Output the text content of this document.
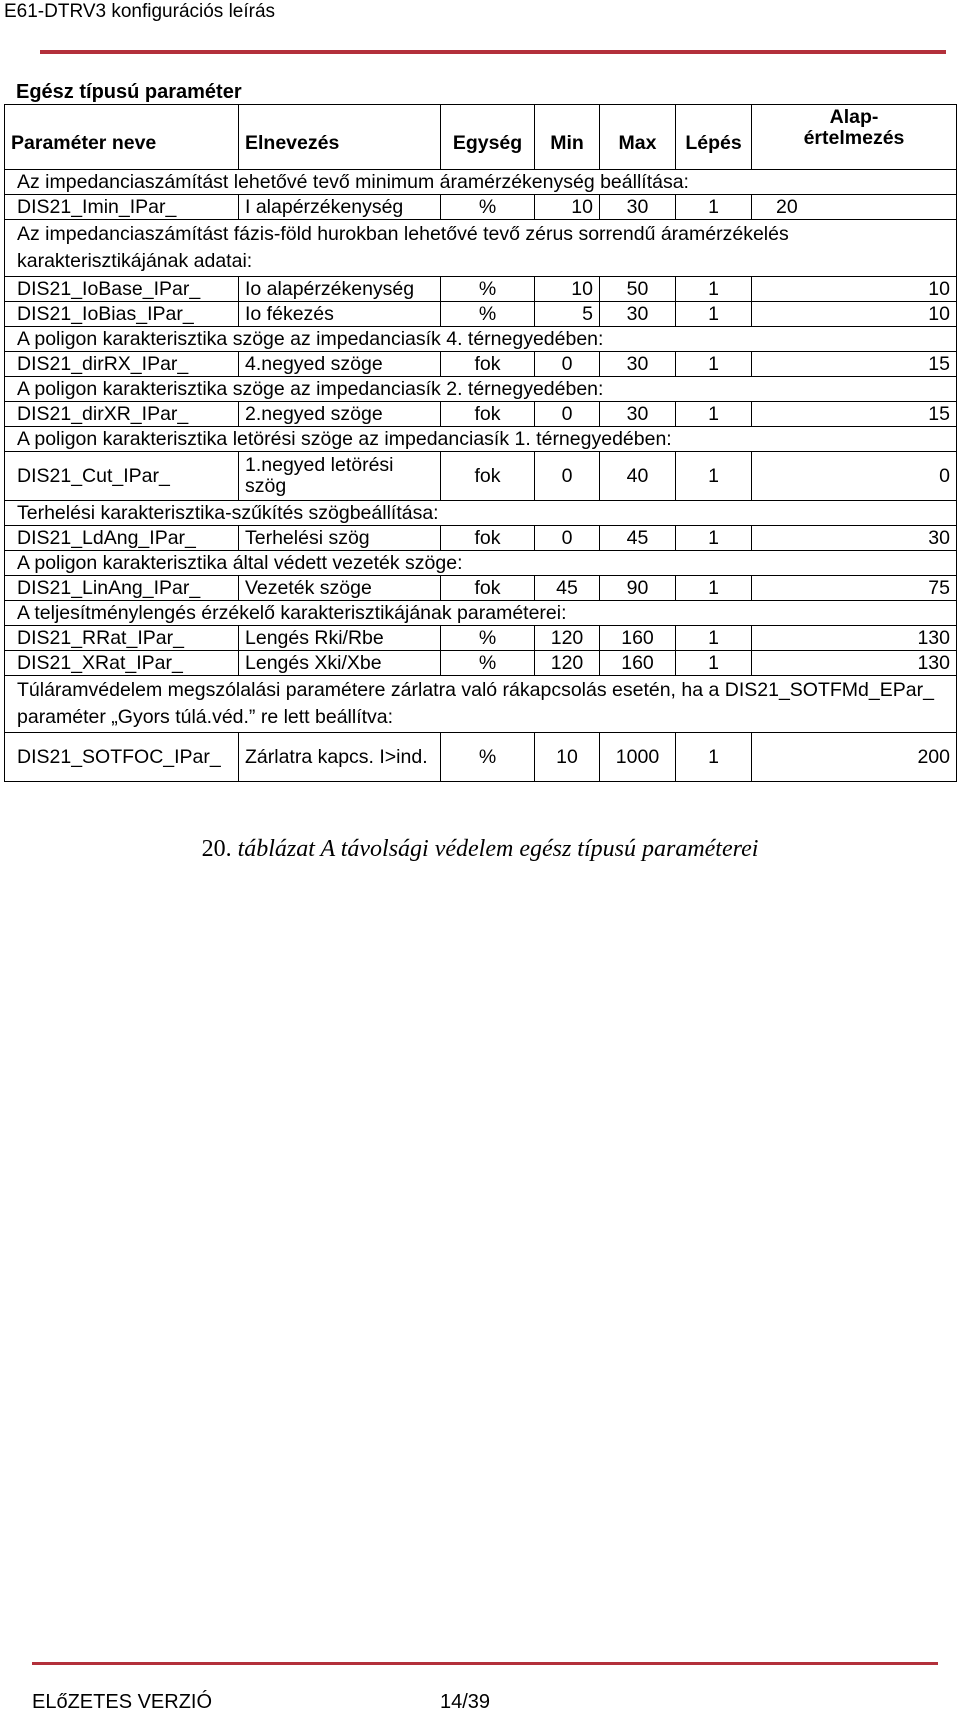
E61-DTRV3 konfigurációs leírás
Egész típusú paraméter
Paraméter neve	Elnevezés	Egység	Min	Max	Lépés	Alap-
értelmezés

Az impedanciaszámítást lehetővé tevő minimum áramérzékenység beállítása:						
DIS21_Imin_IPar_	I alapérzékenység	%	10	30	1	20
Az impedanciaszámítást fázis-föld hurokban lehetővé tevő zérus sorrendű áramérzékelés karakterisztikájának adatai:						
DIS21_IoBase_IPar_	Io alapérzékenység	%	10	50	1	10
DIS21_IoBias_IPar_	Io fékezés	%	5	30	1	10
A poligon karakterisztika szöge az impedanciasík 4. térnegyedében:						
DIS21_dirRX_IPar_	4.negyed szöge	fok	0	30	1	15
A poligon karakterisztika szöge az impedanciasík 2. térnegyedében:						
DIS21_dirXR_IPar_	2.negyed szöge	fok	0	30	1	15
A poligon karakterisztika letörési szöge az impedanciasík 1. térnegyedében:						
DIS21_Cut_IPar_	1.negyed letörési szög	fok	0	40	1	0
Terhelési karakterisztika-szűkítés szögbeállítása:						
DIS21_LdAng_IPar_	Terhelési szög	fok	0	45	1	30
A poligon karakterisztika által védett vezeték szöge:						
DIS21_LinAng_IPar_	Vezeték szöge	fok	45	90	1	75
A teljesítménylengés érzékelő karakterisztikájának paraméterei:						
DIS21_RRat_IPar_	Lengés Rki/Rbe	%	120	160	1	130
DIS21_XRat_IPar_	Lengés Xki/Xbe	%	120	160	1	130
Túláramvédelem megszólalási paramétere zárlatra való rákapcsolás esetén, ha a DIS21_SOTFMd_EPar_ paraméter „Gyors túlá.véd.” re lett beállítva:						
DIS21_SOTFOC_IPar_	Zárlatra kapcs. I>ind.	%	10	1000	1	200
20. táblázat A távolsági védelem egész típusú paraméterei
ELőZETES VERZIÓ	14/39
